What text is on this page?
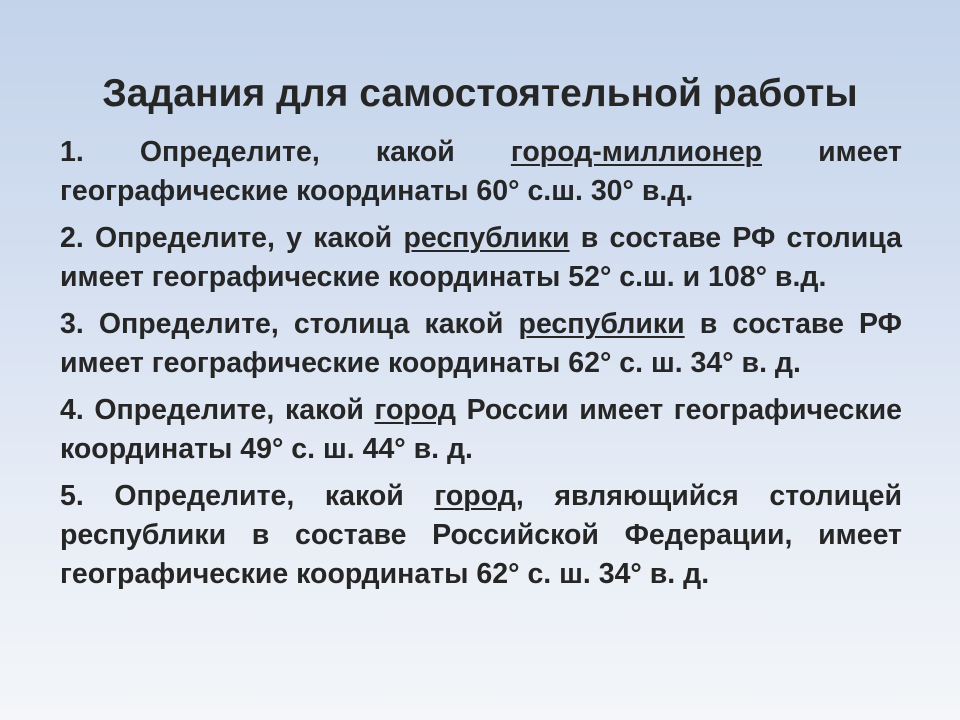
Задания для самостоятельной работы

1. Определите, какой город-миллионер имеет географические координаты 60° с.ш. 30° в.д.

2. Определите, у какой республики в составе РФ столица имеет географические координаты 52° с.ш. и 108° в.д.

3. Определите, столица какой республики в составе РФ имеет географические координаты 62° с. ш. 34° в. д.

4. Определите, какой город России имеет географические координаты 49° с. ш. 44° в. д.

5. Определите, какой город, являющийся столицей республики в составе Российской Федерации, имеет географические координаты 62° с. ш. 34° в. д.
